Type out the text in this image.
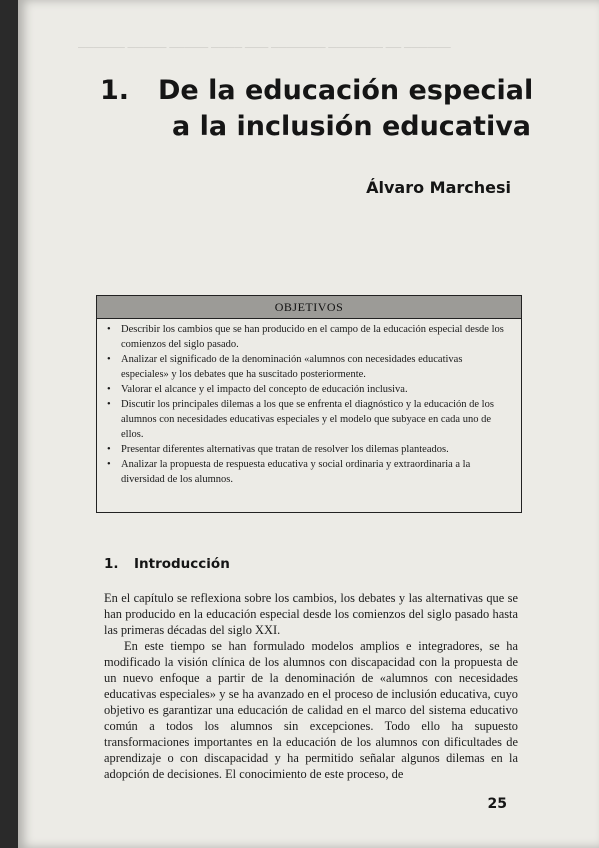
────── ───── ───── ──── ─── ─────── ─────── ── ──────
1. De la educación especial
a la inclusión educativa
Álvaro Marchesi
OBJETIVOS
• Describir los cambios que se han producido en el campo de la educación especial desde los comienzos del siglo pasado.
• Analizar el significado de la denominación «alumnos con necesidades educativas especiales» y los debates que ha suscitado posteriormente.
• Valorar el alcance y el impacto del concepto de educación inclusiva.
• Discutir los principales dilemas a los que se enfrenta el diagnóstico y la educación de los alumnos con necesidades educativas especiales y el modelo que subyace en cada uno de ellos.
• Presentar diferentes alternativas que tratan de resolver los dilemas planteados.
• Analizar la propuesta de respuesta educativa y social ordinaria y extraordinaria a la diversidad de los alumnos.
1. Introducción

En el capítulo se reflexiona sobre los cambios, los debates y las alternativas que se han producido en la educación especial desde los comienzos del siglo pasado hasta las primeras décadas del siglo XXI.

En este tiempo se han formulado modelos amplios e integradores, se ha modificado la visión clínica de los alumnos con discapacidad con la propuesta de un nuevo enfoque a partir de la denominación de «alumnos con necesidades educativas especiales» y se ha avanzado en el proceso de inclusión educativa, cuyo objetivo es garantizar una educación de calidad en el marco del sistema educativo común a todos los alumnos sin excepciones. Todo ello ha supuesto transformaciones importantes en la educación de los alumnos con dificultades de aprendizaje o con discapacidad y ha permitido señalar algunos dilemas en la adopción de decisiones. El conocimiento de este proceso, de

25
